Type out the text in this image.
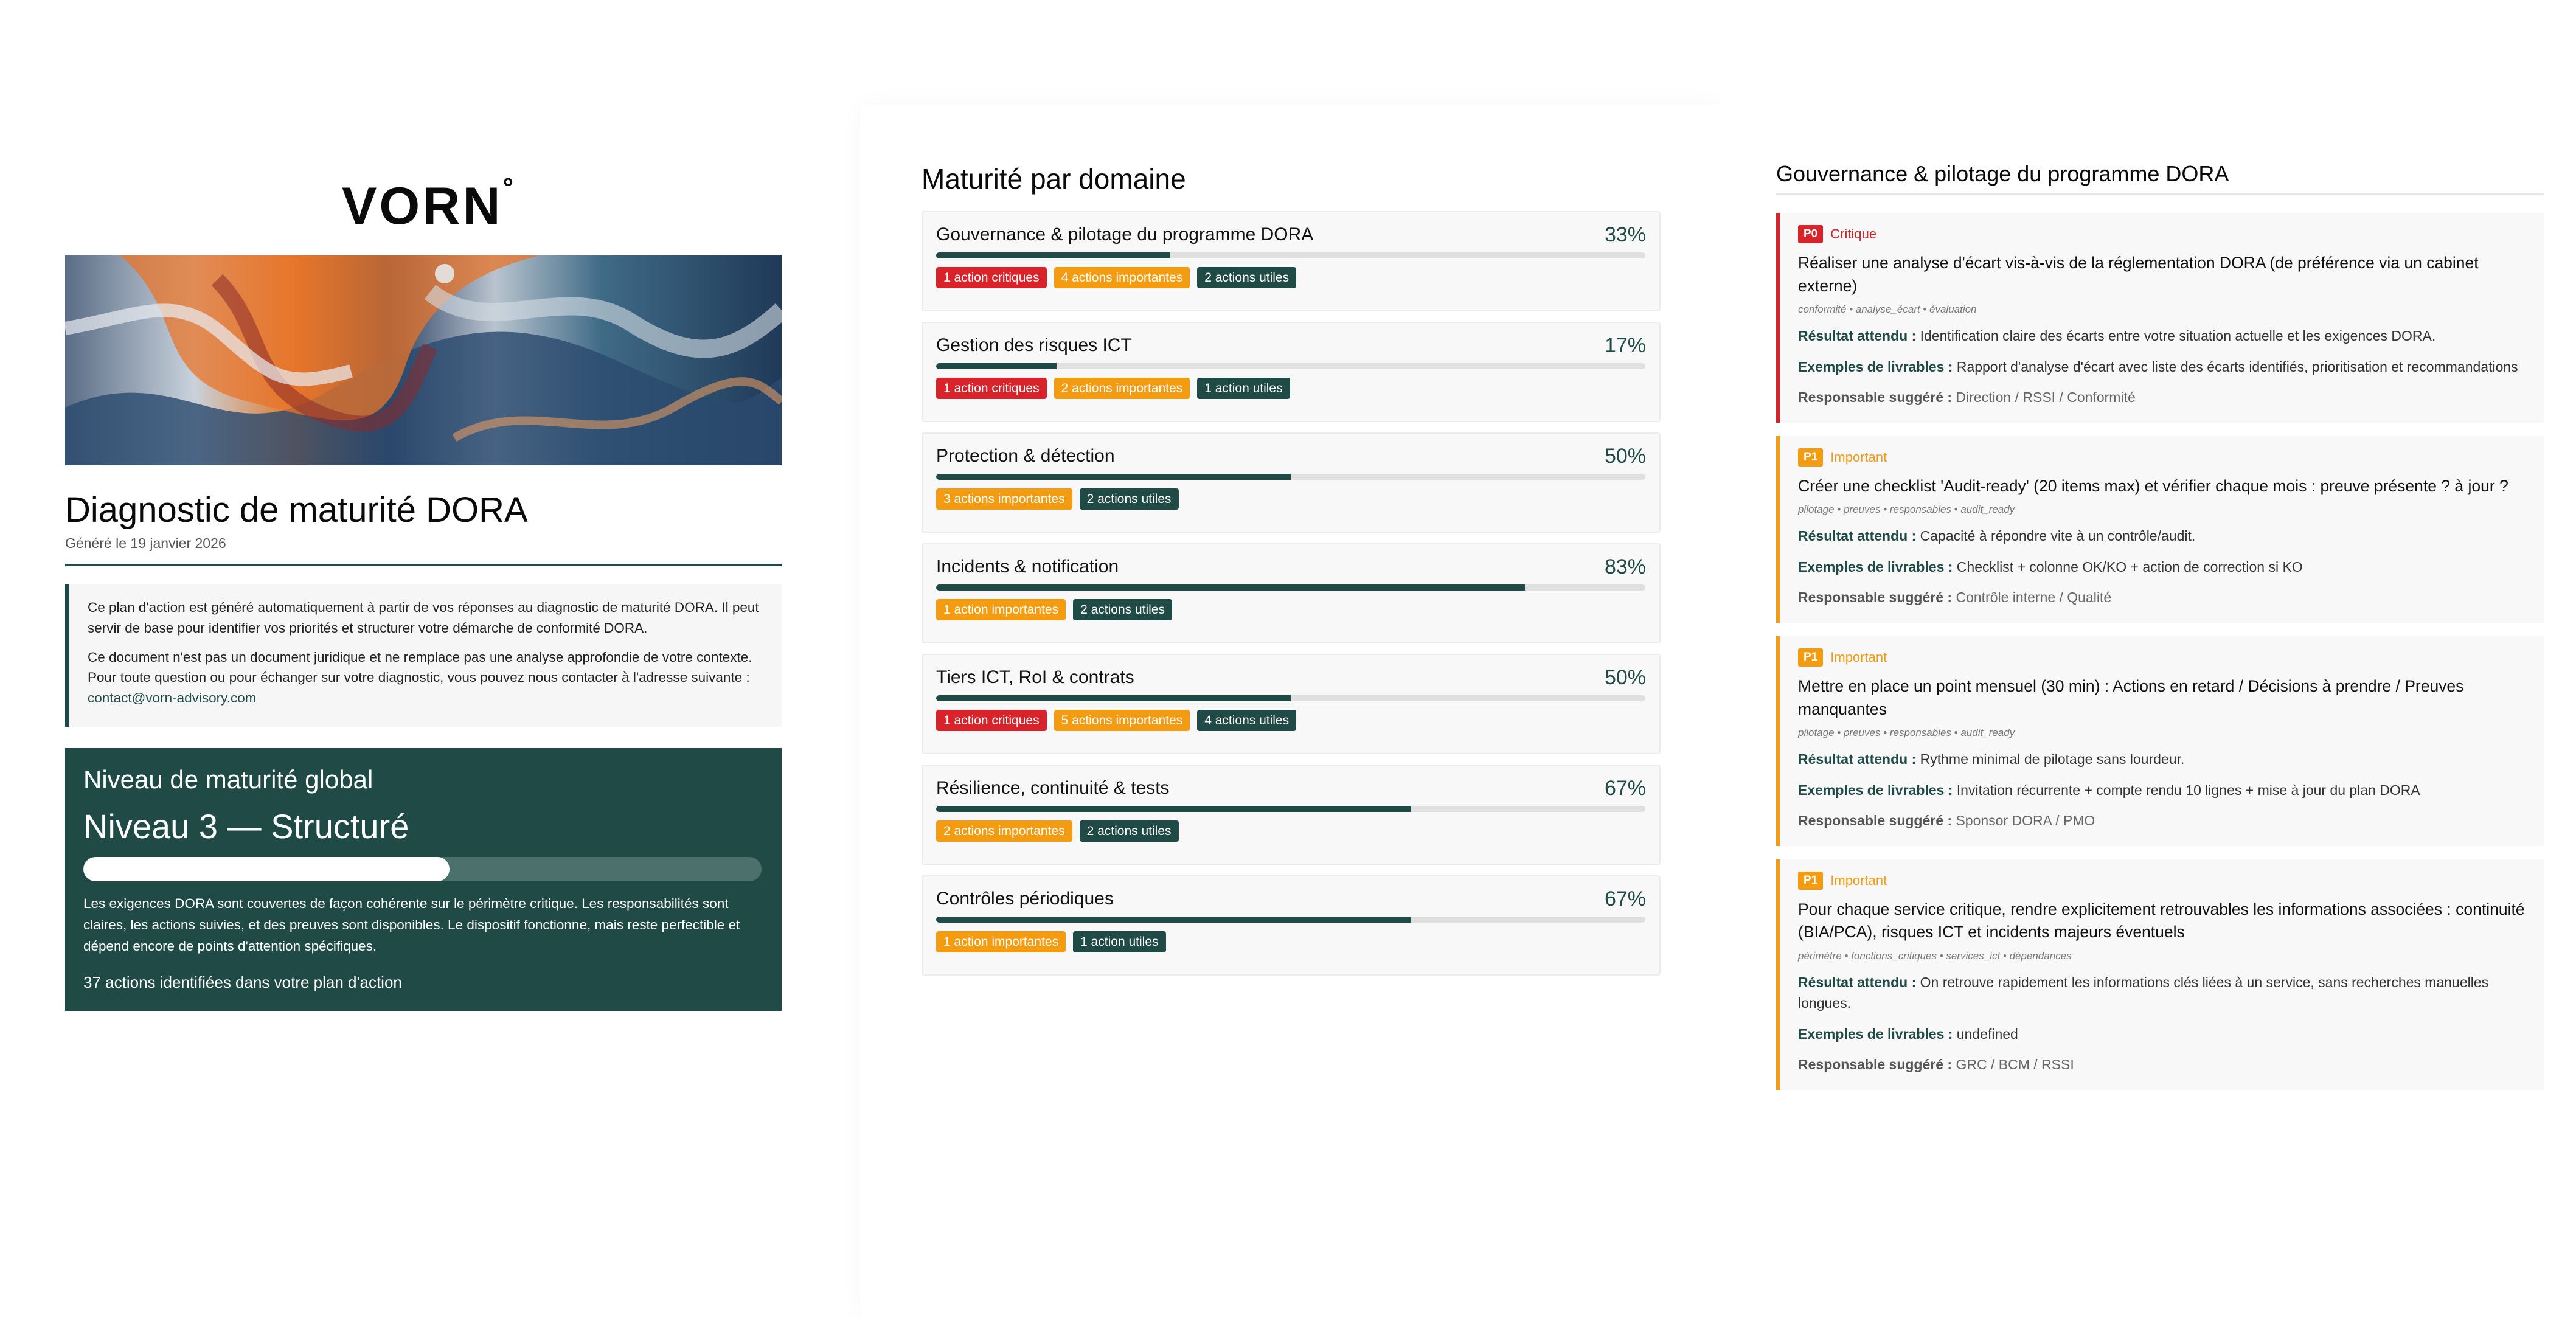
VORN°
Diagnostic de maturité DORA
Généré le 19 janvier 2026

Ce plan d'action est généré automatiquement à partir de vos réponses au diagnostic de maturité DORA. Il peut servir de base pour identifier vos priorités et structurer votre démarche de conformité DORA.

Ce document n'est pas un document juridique et ne remplace pas une analyse approfondie de votre contexte. Pour toute question ou pour échanger sur votre diagnostic, vous pouvez nous contacter à l'adresse suivante : contact@vorn-advisory.com

Niveau de maturité global
Niveau 3 — Structuré
Les exigences DORA sont couvertes de façon cohérente sur le périmètre critique. Les responsabilités sont claires, les actions suivies, et des preuves sont disponibles. Le dispositif fonctionne, mais reste perfectible et dépend encore de points d'attention spécifiques.
37 actions identifiées dans votre plan d'action
Maturité par domaine
Gouvernance & pilotage du programme DORA	33%
1 action critiques	4 actions importantes	2 actions utiles
Gestion des risques ICT	17%
1 action critiques	2 actions importantes	1 action utiles
Protection & détection	50%
3 actions importantes	2 actions utiles
Incidents & notification	83%
1 action importantes	2 actions utiles
Tiers ICT, RoI & contrats	50%
1 action critiques	5 actions importantes	4 actions utiles
Résilience, continuité & tests	67%
2 actions importantes	2 actions utiles
Contrôles périodiques	67%
1 action importantes	1 action utiles
Gouvernance & pilotage du programme DORA
P0 Critique
Réaliser une analyse d'écart vis-à-vis de la réglementation DORA (de préférence via un cabinet externe)
conformité • analyse_écart • évaluation
Résultat attendu : Identification claire des écarts entre votre situation actuelle et les exigences DORA.
Exemples de livrables : Rapport d'analyse d'écart avec liste des écarts identifiés, prioritisation et recommandations
Responsable suggéré : Direction / RSSI / Conformité
P1 Important
Créer une checklist 'Audit-ready' (20 items max) et vérifier chaque mois : preuve présente ? à jour ?
pilotage • preuves • responsables • audit_ready
Résultat attendu : Capacité à répondre vite à un contrôle/audit.
Exemples de livrables : Checklist + colonne OK/KO + action de correction si KO
Responsable suggéré : Contrôle interne / Qualité
P1 Important
Mettre en place un point mensuel (30 min) : Actions en retard / Décisions à prendre / Preuves manquantes
pilotage • preuves • responsables • audit_ready
Résultat attendu : Rythme minimal de pilotage sans lourdeur.
Exemples de livrables : Invitation récurrente + compte rendu 10 lignes + mise à jour du plan DORA
Responsable suggéré : Sponsor DORA / PMO
P1 Important
Pour chaque service critique, rendre explicitement retrouvables les informations associées : continuité (BIA/PCA), risques ICT et incidents majeurs éventuels
périmètre • fonctions_critiques • services_ict • dépendances
Résultat attendu : On retrouve rapidement les informations clés liées à un service, sans recherches manuelles longues.
Exemples de livrables : undefined
Responsable suggéré : GRC / BCM / RSSI
